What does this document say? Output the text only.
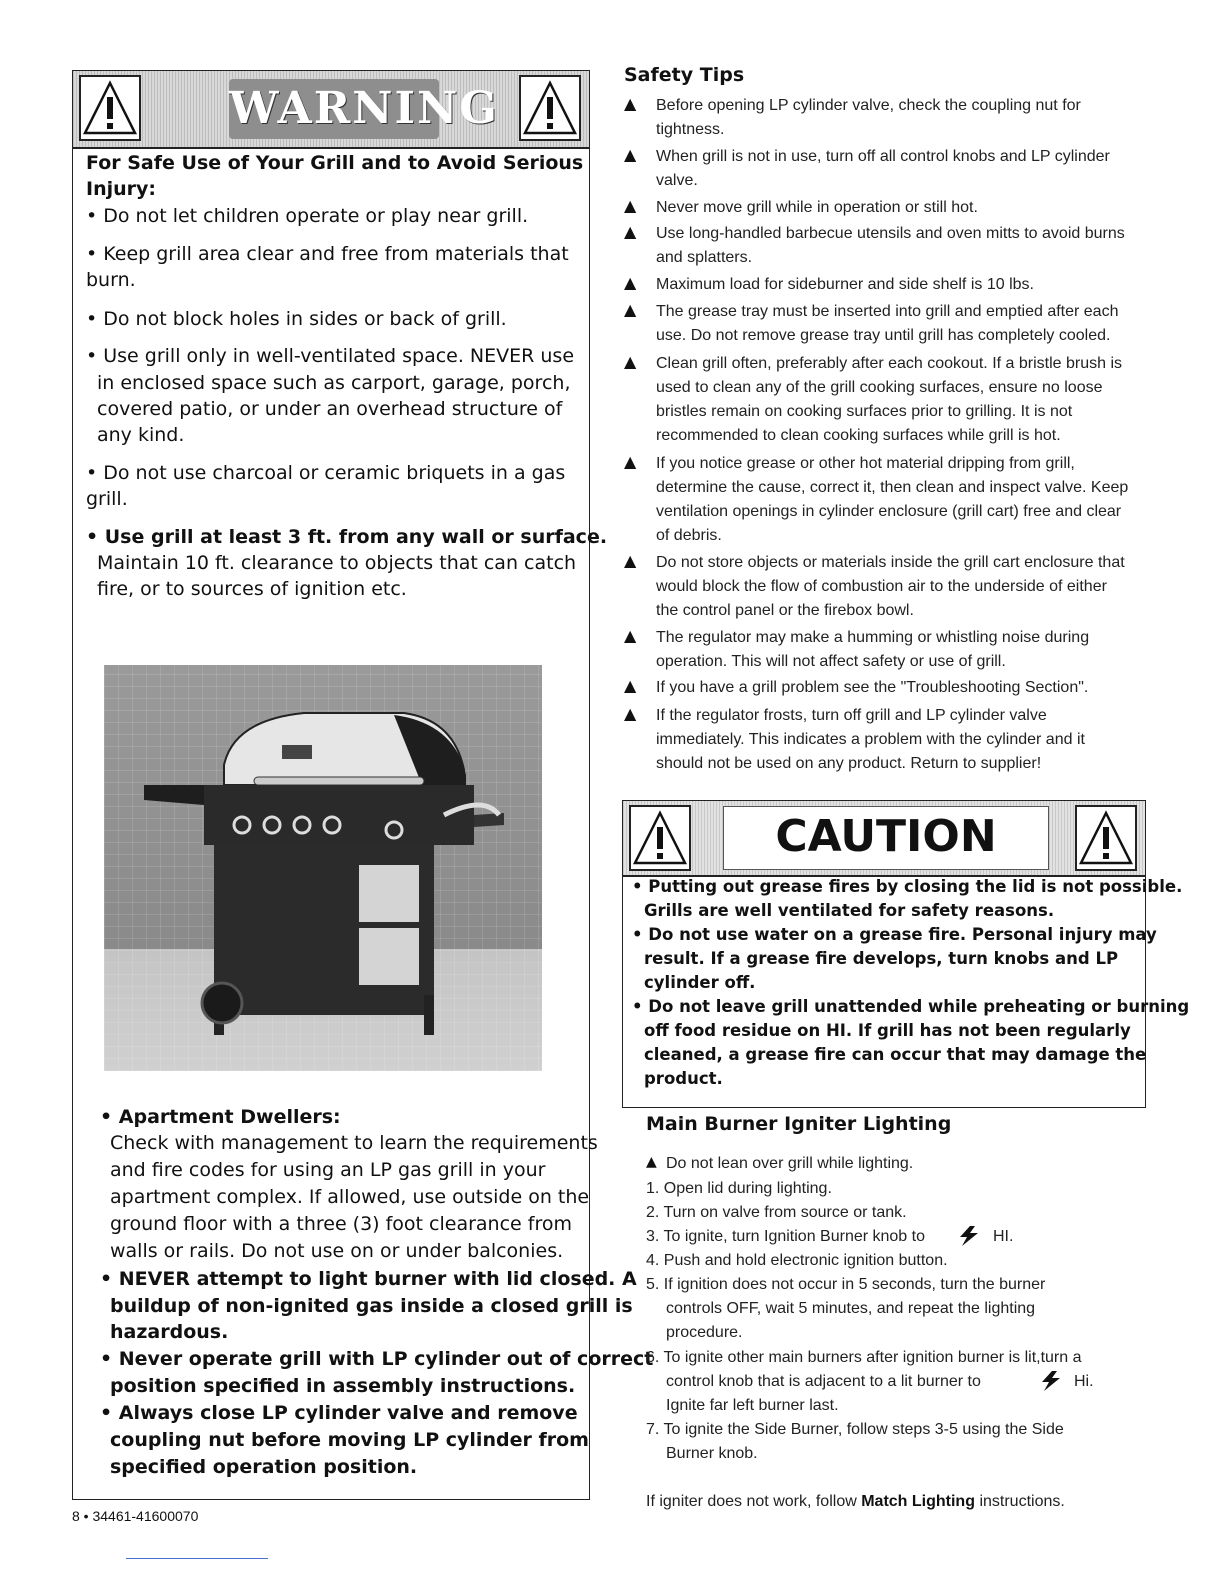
WARNING
For Safe Use of Your Grill and to Avoid Serious
Injury:
• Do not let children operate or play near grill.
• Keep grill area clear and free from materials that
burn.
• Do not block holes in sides or back of grill.
• Use grill only in well-ventilated space. NEVER use
in enclosed space such as carport, garage, porch,
covered patio, or under an overhead structure of
any kind.
• Do not use charcoal or ceramic briquets in a gas
grill.
• Use grill at least 3 ft. from any wall or surface.
Maintain 10 ft. clearance to objects that can catch
fire, or to sources of ignition etc.
• Apartment Dwellers:
Check with management to learn the requirements
and fire codes for using an LP gas grill in your
apartment complex. If allowed, use outside on the
ground floor with a three (3) foot clearance from
walls or rails. Do not use on or under balconies.
• NEVER attempt to light burner with lid closed. A
buildup of non-ignited gas inside a closed grill is
hazardous.
• Never operate grill with LP cylinder out of correct
position specified in assembly instructions.
• Always close LP cylinder valve and remove
coupling nut before moving LP cylinder from
specified operation position.
8 • 34461-41600070
Safety Tips
▲
▲
▲
▲
▲
▲
▲
▲
▲
▲
▲
▲
Before opening LP cylinder valve, check the coupling nut for
tightness.
When grill is not in use, turn off all control knobs and LP cylinder
valve.
Never move grill while in operation or still hot.
Use long-handled barbecue utensils and oven mitts to avoid burns
and splatters.
Maximum load for sideburner and side shelf is 10 lbs.
The grease tray must be inserted into grill and emptied after each
use. Do not remove grease tray until grill has completely cooled.
Clean grill often, preferably after each cookout. If a bristle brush is
used to clean any of the grill cooking surfaces, ensure no loose
bristles remain on cooking surfaces prior to grilling. It is not
recommended to clean cooking surfaces while grill is hot.
If you notice grease or other hot material dripping from grill,
determine the cause, correct it, then clean and inspect valve. Keep
ventilation openings in cylinder enclosure (grill cart) free and clear
of debris.
Do not store objects or materials inside the grill cart enclosure that
would block the flow of combustion air to the underside of either
the control panel or the firebox bowl.
The regulator may make a humming or whistling noise during
operation. This will not affect safety or use of grill.
If you have a grill problem see the "Troubleshooting Section".
If the regulator frosts, turn off grill and LP cylinder valve
immediately. This indicates a problem with the cylinder and it
should not be used on any product. Return to supplier!
CAUTION
• Putting out grease fires by closing the lid is not possible.
Grills are well ventilated for safety reasons.
• Do not use water on a grease fire. Personal injury may
result. If a grease fire develops, turn knobs and LP
cylinder off.
• Do not leave grill unattended while preheating or burning
off food residue on HI. If grill has not been regularly
cleaned, a grease fire can occur that may damage the
product.
Main Burner Igniter Lighting
▲ Do not lean over grill while lighting.
1. Open lid during lighting.
2. Turn on valve from source or tank.
3. To ignite, turn Ignition Burner knob to	HI.
4. Push and hold electronic ignition button.
5. If ignition does not occur in 5 seconds, turn the burner
controls OFF, wait 5 minutes, and repeat the lighting
procedure.
6. To ignite other main burners after ignition burner is lit,turn a
control knob that is adjacent to a lit burner to	Hi.
Ignite far left burner last.
7. To ignite the Side Burner, follow steps 3-5 using the Side
Burner knob.
If igniter does not work, follow Match Lighting instructions.
